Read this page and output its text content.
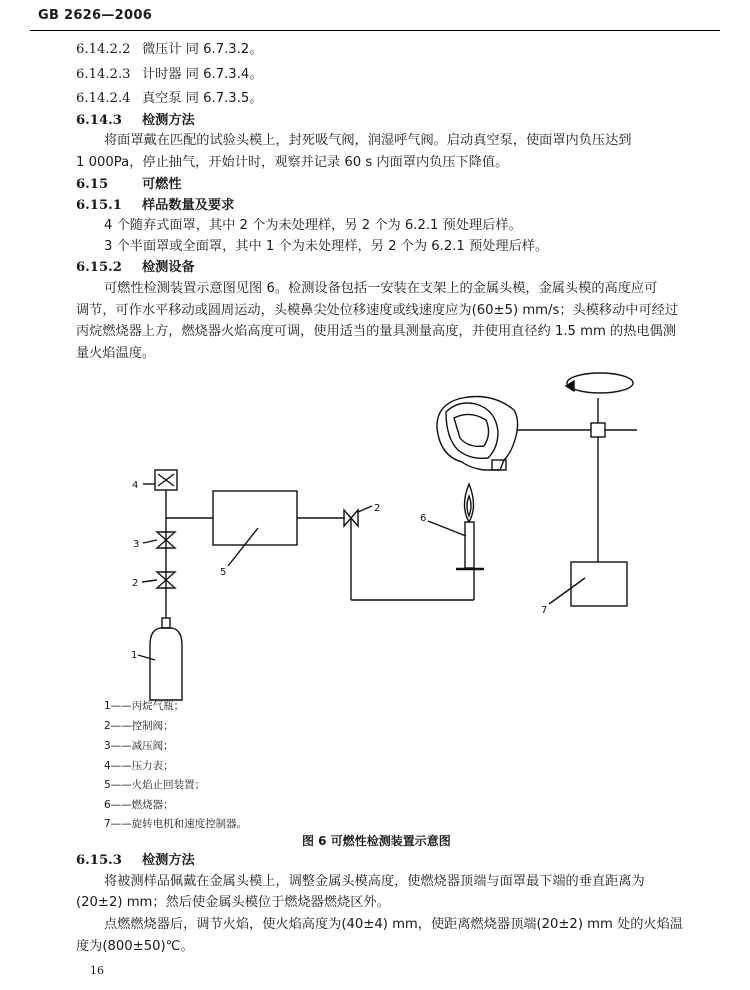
GB 2626—2006
6.14.2.2 微压计 同 6.7.3.2。
6.14.2.3 计时器 同 6.7.3.4。
6.14.2.4 真空泵 同 6.7.3.5。
6.14.3 检测方法
将面罩戴在匹配的试验头模上，封死吸气阀，润湿呼气阀。启动真空泵，使面罩内负压达到
1 000Pa，停止抽气，开始计时，观察并记录 60 s 内面罩内负压下降值。
6.15	可燃性
6.15.1 样品数量及要求
4 个随弃式面罩，其中 2 个为未处理样，另 2 个为 6.2.1 预处理后样。
3 个半面罩或全面罩，其中 1 个为未处理样，另 2 个为 6.2.1 预处理后样。
6.15.2 检测设备
可燃性检测装置示意图见图 6。检测设备包括一安装在支架上的金属头模，金属头模的高度应可
调节，可作水平移动或圆周运动，头模鼻尖处位移速度或线速度应为(60±5) mm/s；头模移动中可经过
丙烷燃烧器上方，燃烧器火焰高度可调，使用适当的量具测量高度，并使用直径约 1.5 mm 的热电偶测
量火焰温度。
1
2
3
4
5
2
6
7
1——丙烷气瓶；
2——控制阀；
3——减压阀；
4——压力表；
5——火焰止回装置；
6——燃烧器；
7——旋转电机和速度控制器。
图 6 可燃性检测装置示意图
6.15.3 检测方法
将被测样品佩戴在金属头模上，调整金属头模高度，使燃烧器顶端与面罩最下端的垂直距离为
(20±2) mm；然后使金属头模位于燃烧器燃烧区外。
点燃燃烧器后，调节火焰，使火焰高度为(40±4) mm，使距离燃烧器顶端(20±2) mm 处的火焰温
度为(800±50)℃。
16
